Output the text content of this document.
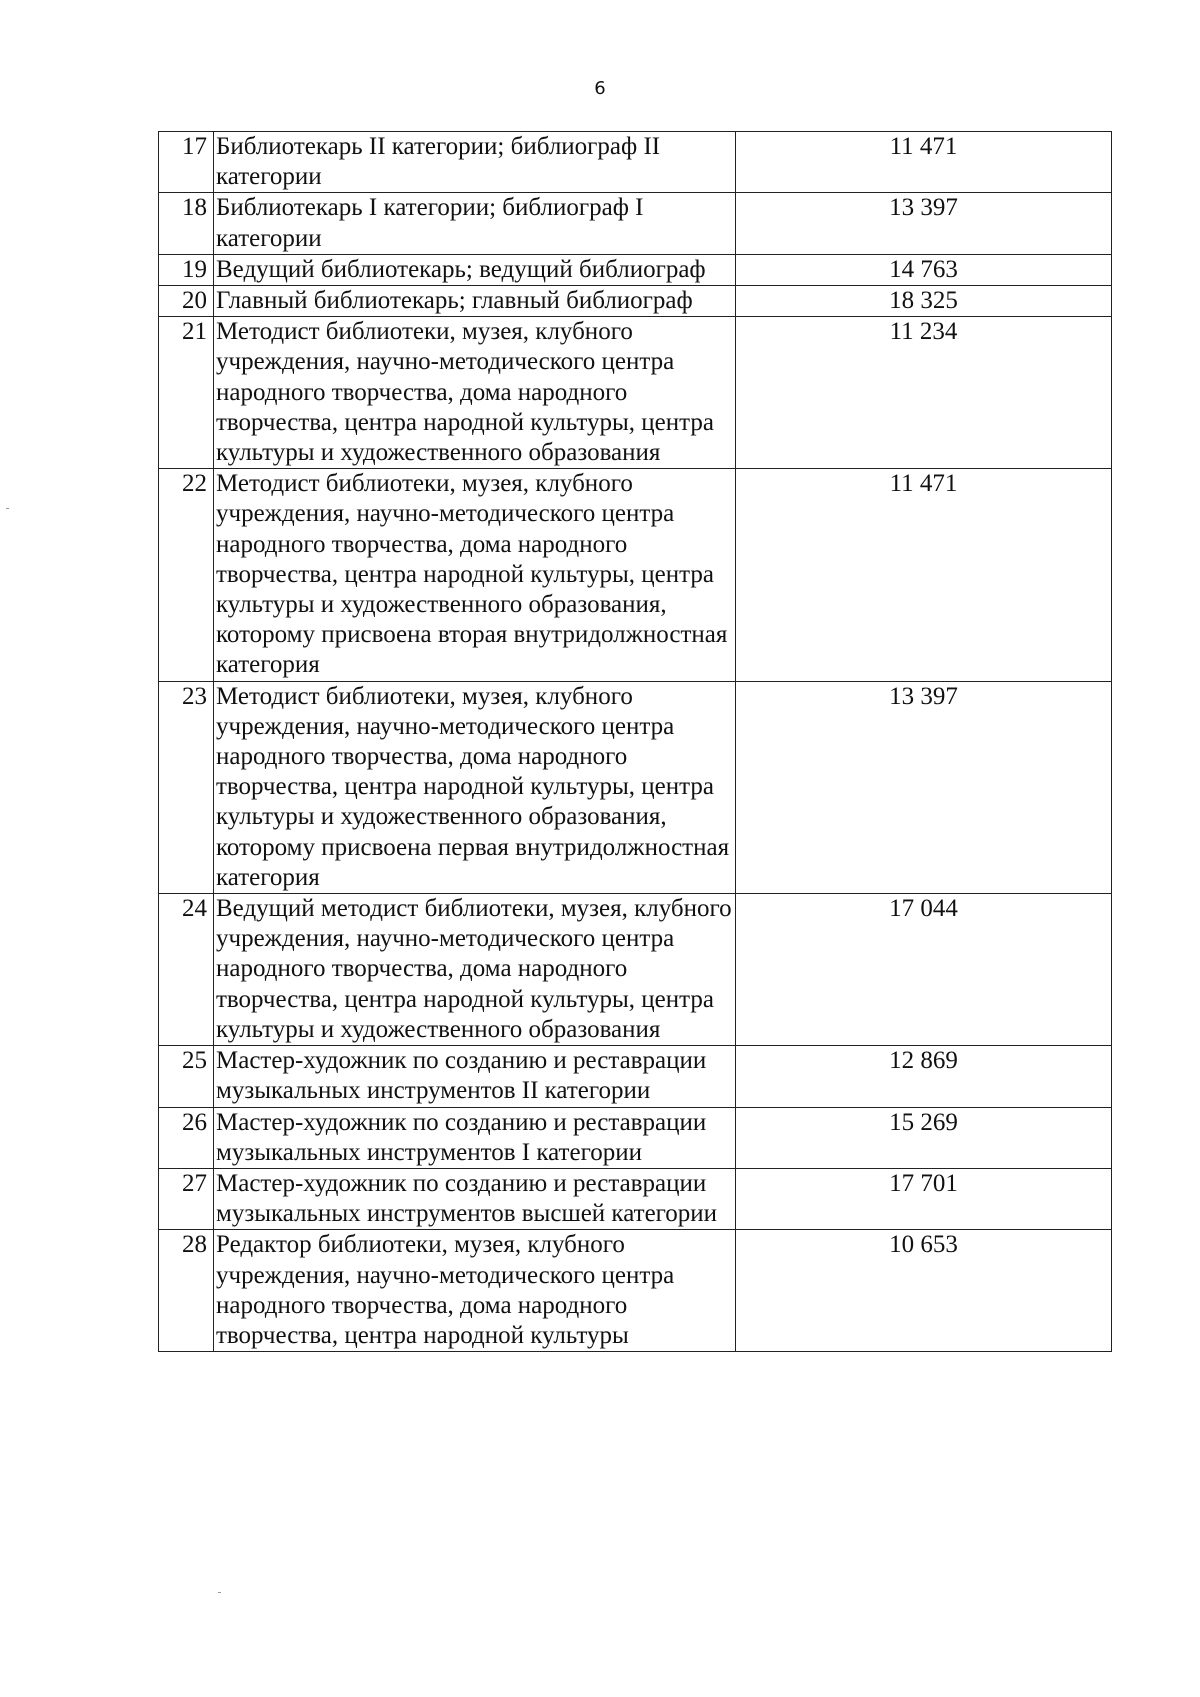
6
17	Библиотекарь II категории; библиограф II категории	11 471
18	Библиотекарь I категории; библиограф I категории	13 397
19	Ведущий библиотекарь; ведущий библиограф	14 763
20	Главный библиотекарь; главный библиограф	18 325
21	Методист библиотеки, музея, клубного учреждения, научно-методического центра народного творчества, дома народного творчества, центра народной культуры, центра культуры и художественного образования	11 234
22	Методист библиотеки, музея, клубного учреждения, научно-методического центра народного творчества, дома народного творчества, центра народной культуры, центра культуры и художественного образования, которому присвоена вторая внутридолжностная категория	11 471
23	Методист библиотеки, музея, клубного учреждения, научно-методического центра народного творчества, дома народного творчества, центра народной культуры, центра культуры и художественного образования, которому присвоена первая внутридолжностная категория	13 397
24	Ведущий методист библиотеки, музея, клубного учреждения, научно-методического центра народного творчества, дома народного творчества, центра народной культуры, центра культуры и художественного образования	17 044
25	Мастер-художник по созданию и реставрации музыкальных инструментов II категории	12 869
26	Мастер-художник по созданию и реставрации музыкальных инструментов I категории	15 269
27	Мастер-художник по созданию и реставрации музыкальных инструментов высшей категории	17 701
28	Редактор библиотеки, музея, клубного учреждения, научно-методического центра народного творчества, дома народного творчества, центра народной культуры	10 653
